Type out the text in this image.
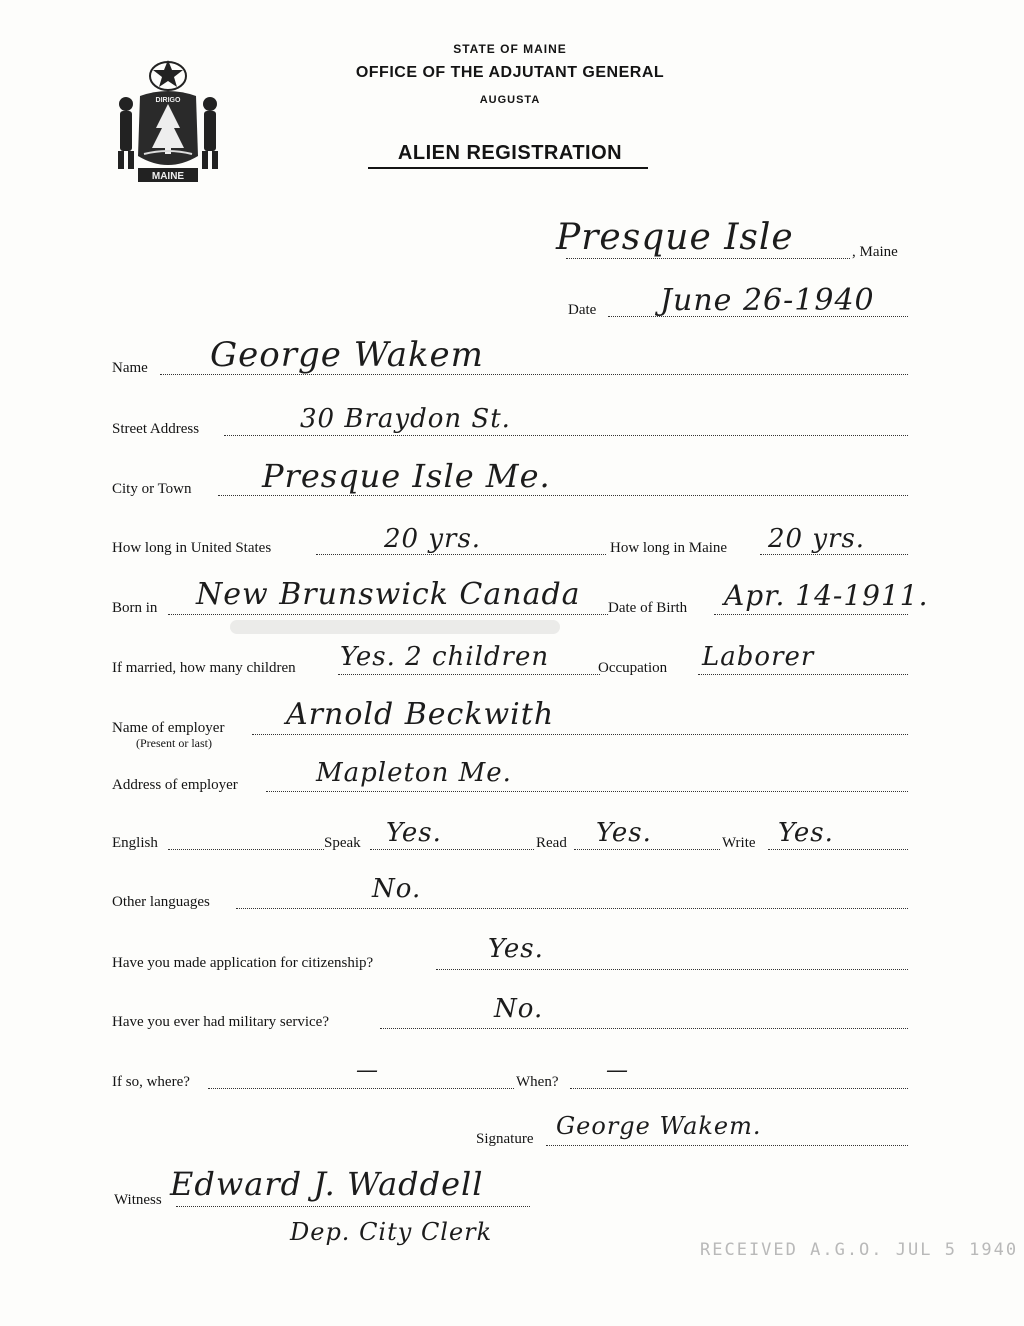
DIRIGO
MAINE
STATE OF MAINE
OFFICE OF THE ADJUTANT GENERAL
AUGUSTA
ALIEN REGISTRATION
Presque Isle	, Maine
Date June 26-1940
Name George Wakem
Street Address	30 Braydon St.
City or Town Presque Isle Me.
How long in United States	20 yrs.	How long in Maine 20 yrs.
Born in New Brunswick Canada Date of Birth Apr. 14-1911.
If married, how many children Yes. 2 children	Occupation Laborer
Name of employer
(Present or last)
Arnold Beckwith
Address of employer	Mapleton Me.
English	Speak Yes.	Read Yes.	Write Yes.
Other languages	No.
Have you made application for citizenship?	Yes.
Have you ever had military service?	No.
If so, where?	—	When? —
Signature George Wakem.
Witness Edward J. Waddell
Dep. City Clerk
RECEIVED A.G.O. JUL 5 1940
